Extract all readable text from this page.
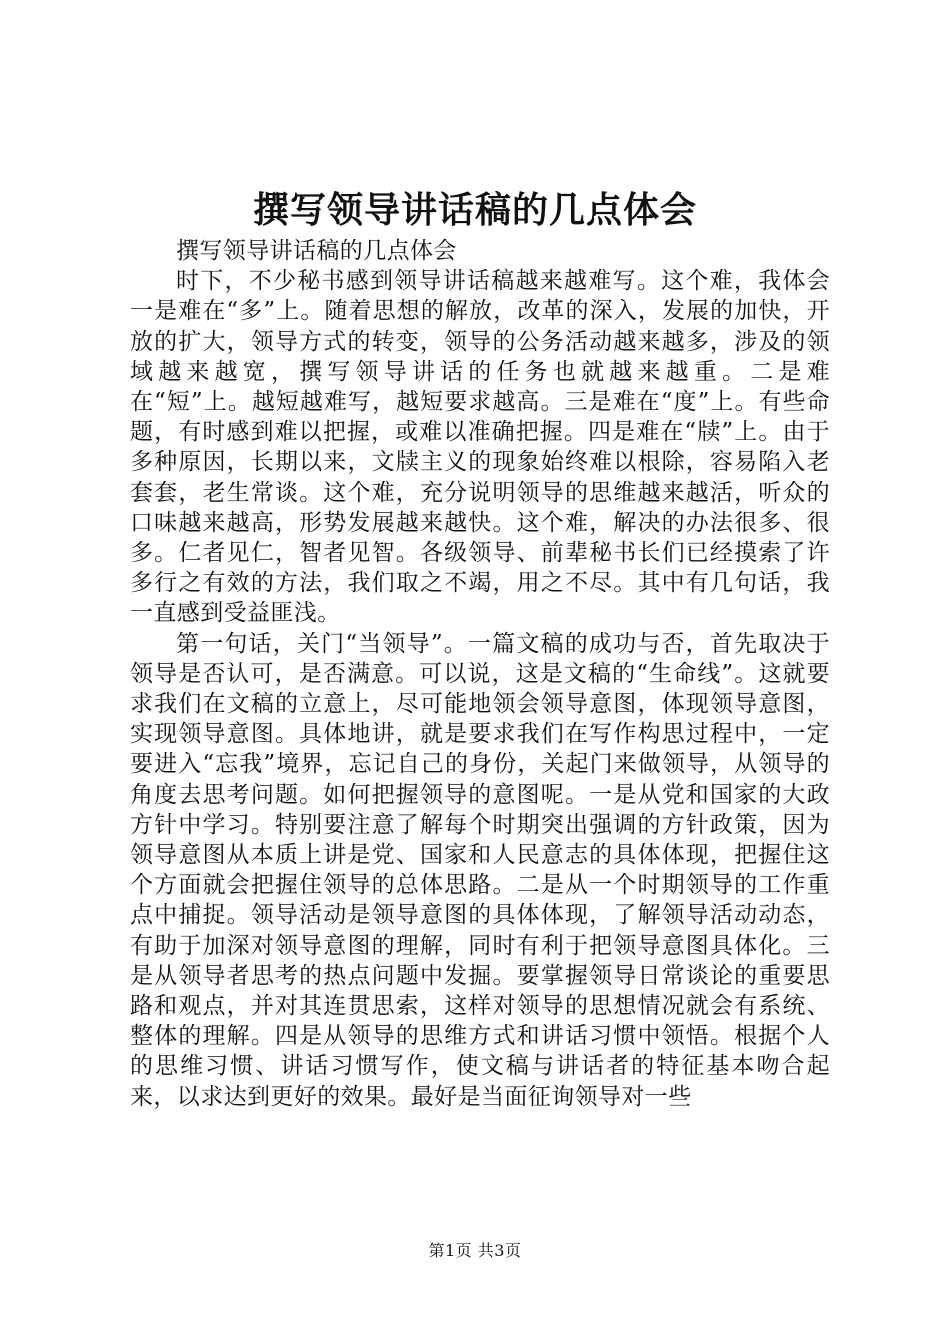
撰写领导讲话稿的几点体会

撰写领导讲话稿的几点体会

时下，不少秘书感到领导讲话稿越来越难写。这个难，我体会一是难在“多”上。随着思想的解放，改革的深入，发展的加快，开放的扩大，领导方式的转变，领导的公务活动越来越多，涉及的领域越来越宽，撰写领导讲话的任务也就越来越重。二是难在“短”上。越短越难写，越短要求越高。三是难在“度”上。有些命题，有时感到难以把握，或难以准确把握。四是难在“牍”上。由于多种原因，长期以来，文牍主义的现象始终难以根除，容易陷入老套套，老生常谈。这个难，充分说明领导的思维越来越活，听众的口味越来越高，形势发展越来越快。这个难，解决的办法很多、很多。仁者见仁，智者见智。各级领导、前辈秘书长们已经摸索了许多行之有效的方法，我们取之不竭，用之不尽。其中有几句话，我一直感到受益匪浅。

第一句话，关门“当领导”。一篇文稿的成功与否，首先取决于领导是否认可，是否满意。可以说，这是文稿的“生命线”。这就要求我们在文稿的立意上，尽可能地领会领导意图，体现领导意图，实现领导意图。具体地讲，就是要求我们在写作构思过程中，一定要进入“忘我”境界，忘记自己的身份，关起门来做领导，从领导的角度去思考问题。如何把握领导的意图呢。一是从党和国家的大政方针中学习。特别要注意了解每个时期突出强调的方针政策，因为领导意图从本质上讲是党、国家和人民意志的具体体现，把握住这个方面就会把握住领导的总体思路。二是从一个时期领导的工作重点中捕捉。领导活动是领导意图的具体体现，了解领导活动动态，有助于加深对领导意图的理解，同时有利于把领导意图具体化。三是从领导者思考的热点问题中发掘。要掌握领导日常谈论的重要思路和观点，并对其连贯思索，这样对领导的思想情况就会有系统、整体的理解。四是从领导的思维方式和讲话习惯中领悟。根据个人的思维习惯、讲话习惯写作，使文稿与讲话者的特征基本吻合起来，以求达到更好的效果。最好是当面征询领导对一些

第1页 共3页
